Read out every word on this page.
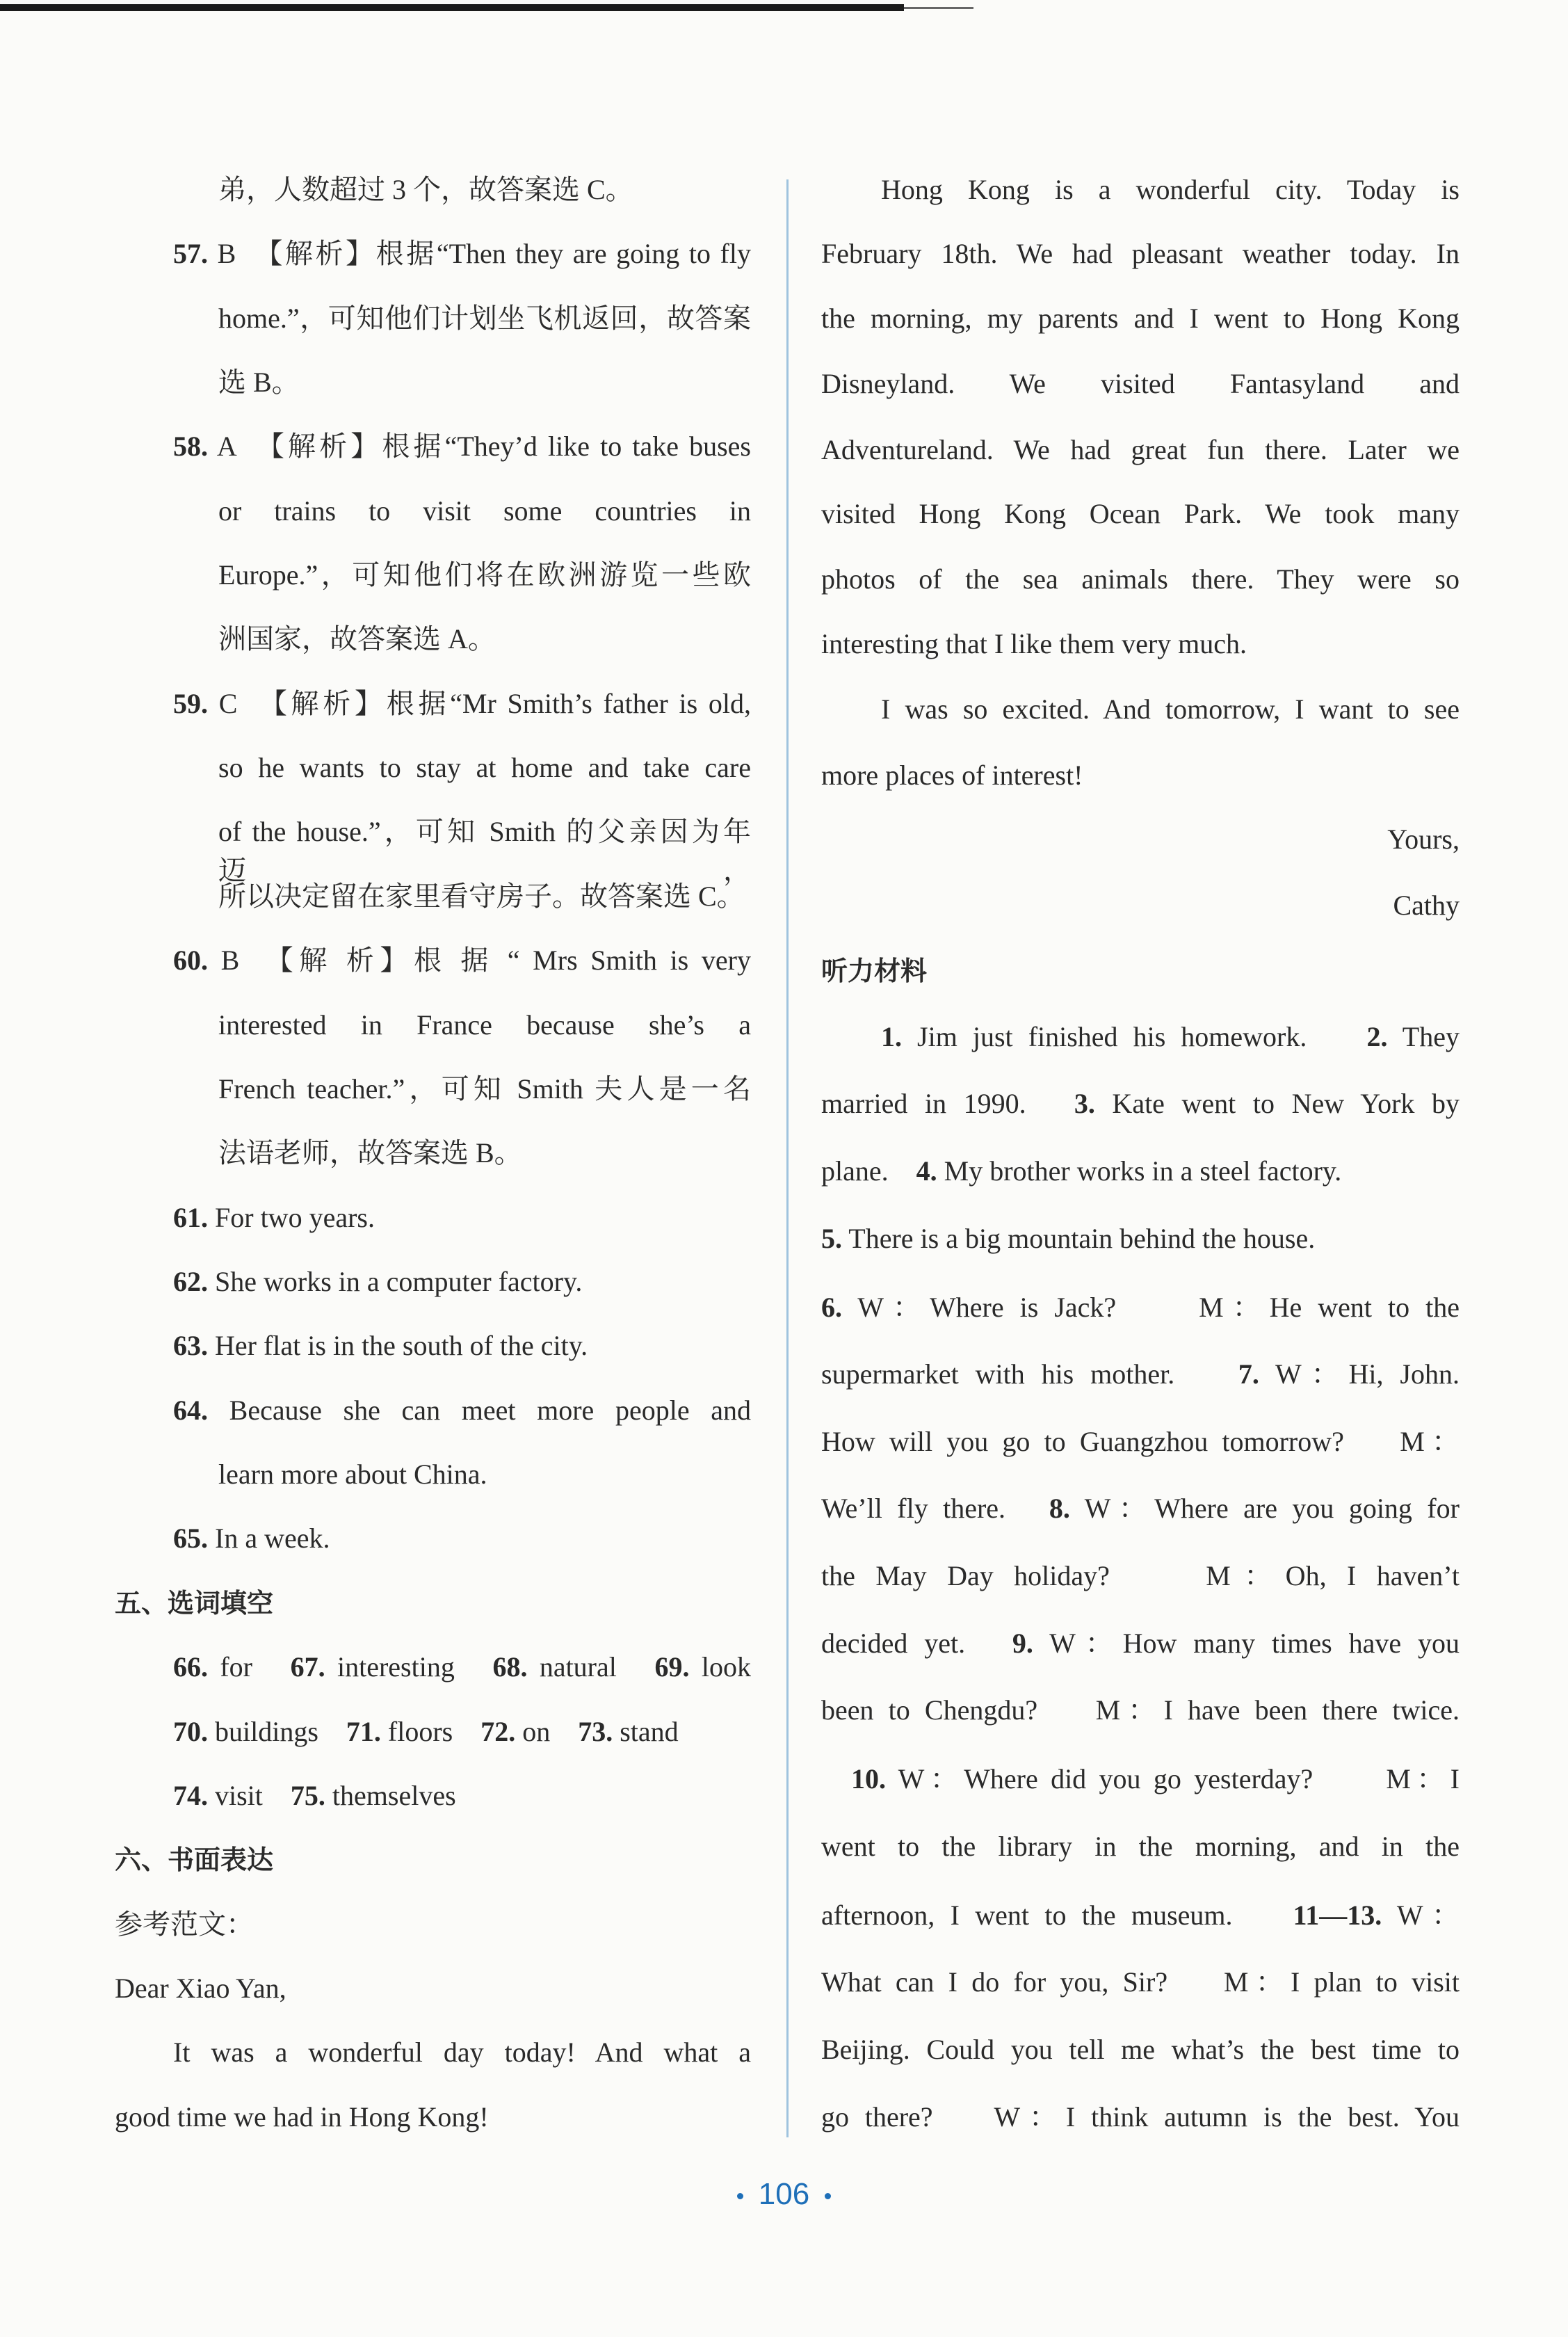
弟，人数超过 3 个，故答案选 C。
57. B　【解析】根据“Then they are going to fly
home.”，可知他们计划坐飞机返回，故答案
选 B。
58. A　【解析】根据“They’d like to take buses
or trains to visit some countries in
Europe.”，可知他们将在欧洲游览一些欧
洲国家，故答案选 A。
59. C　【解析】根据“Mr Smith’s father is old,
so he wants to stay at home and take care
of the house.”，可知 Smith 的父亲因为年迈，
所以决定留在家里看守房子。故答案选 C。
60. B　【解 析】根 据 “ Mrs Smith is very
interested in France because she’s a
French teacher.”，可知 Smith 夫人是一名
法语老师，故答案选 B。
61. For two years.
62. She works in a computer factory.
63. Her flat is in the south of the city.
64. Because she can meet more people and
learn more about China.
65. In a week.
五、选词填空
66. for　67. interesting　68. natural　69. look
70. buildings　71. floors　72. on　73. stand
74. visit　75. themselves
六、书面表达
参考范文：
Dear Xiao Yan,
It was a wonderful day today! And what a
good time we had in Hong Kong!
Hong Kong is a wonderful city. Today is
February 18th. We had pleasant weather today. In
the morning, my parents and I went to Hong Kong
Disneyland. We visited Fantasyland and
Adventureland. We had great fun there. Later we
visited Hong Kong Ocean Park. We took many
photos of the sea animals there. They were so
interesting that I like them very much.
I was so excited. And tomorrow, I want to see
more places of interest!
Yours,
Cathy
听力材料
1. Jim just finished his homework.　 2. They
married in 1990.　3. Kate went to New York by
plane.　4. My brother works in a steel factory.
5. There is a big mountain behind the house.
6. W：Where is Jack?　　M：He went to the
supermarket with his mother.　 7. W：Hi, John.
How will you go to Guangzhou tomorrow?　 M：
We’ll fly there.　8. W：Where are you going for
the May Day holiday?　　M：Oh, I haven’t
decided yet.　9. W：How many times have you
been to Chengdu?　 M：I have been there twice.
10. W：Where did you go yesterday?　　M：I
went to the library in the morning, and in the
afternoon, I went to the museum.　 11—13. W：
What can I do for you, Sir?　 M：I plan to visit
Beijing. Could you tell me what’s the best time to
go there?　 W：I think autumn is the best. You
106
